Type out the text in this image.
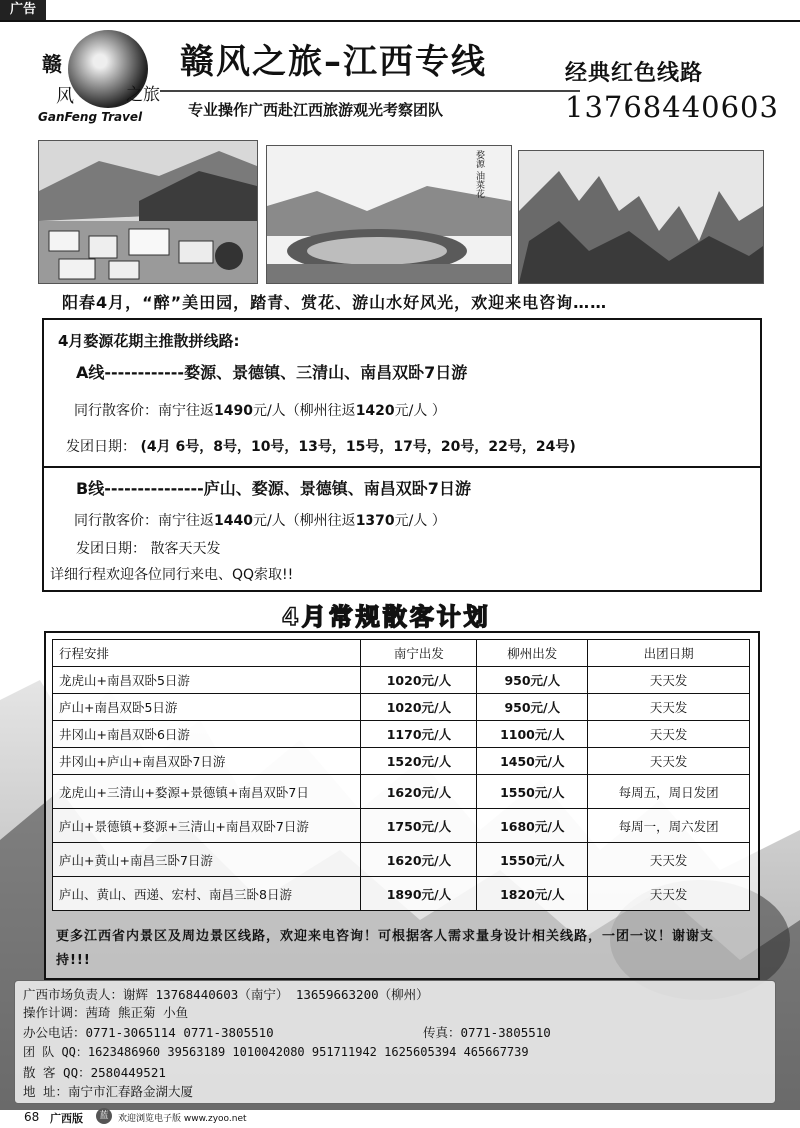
广告
赣
风	之旅
GanFeng Travel
赣风之旅–江西专线
专业操作广西赴江西旅游观光考察团队
经典红色线路
13768440603
婺源 油菜花
阳春4月，“醉”美田园，踏青、赏花、游山水好风光，欢迎来电咨询……
4月婺源花期主推散拼线路:
A线------------婺源、景德镇、三清山、南昌双卧7日游
同行散客价：南宁往返1490元/人（柳州往返1420元/人 ）
发团日期： (4月 6号，8号，10号，13号，15号，17号，20号，22号，24号)
B线---------------庐山、婺源、景德镇、南昌双卧7日游
同行散客价：南宁往返1440元/人（柳州往返1370元/人 ）
发团日期： 散客天天发
详细行程欢迎各位同行来电、QQ索取!!
4月常规散客计划
行程安排	南宁出发	柳州出发	出团日期
龙虎山+南昌双卧5日游	1020元/人	950元/人	天天发
庐山+南昌双卧5日游	1020元/人	950元/人	天天发
井冈山+南昌双卧6日游	1170元/人	1100元/人	天天发
井冈山+庐山+南昌双卧7日游	1520元/人	1450元/人	天天发
龙虎山+三清山+婺源+景德镇+南昌双卧7日	1620元/人	1550元/人	每周五，周日发团
庐山+景德镇+婺源+三清山+南昌双卧7日游	1750元/人	1680元/人	每周一，周六发团
庐山+黄山+南昌三卧7日游	1620元/人	1550元/人	天天发
庐山、黄山、西递、宏村、南昌三卧8日游	1890元/人	1820元/人	天天发
更多江西省内景区及周边景区线路，欢迎来电咨询！可根据客人需求量身设计相关线路，一团一议！谢谢支持!!!
广西市场负责人：谢辉 13768440603（南宁） 13659663200（柳州）
操作计调：茜琦 熊正菊 小鱼
办公电话：0771-3065114 0771-3805510	传真：0771-3805510
团 队 QQ：1623486960 39563189 1010042080 951711942 1625605394 465667739
散 客 QQ：2580449521
地 址：南宁市汇春路金湖大厦
68 广西版	蓝	欢迎浏览电子版 www.zyoo.net
